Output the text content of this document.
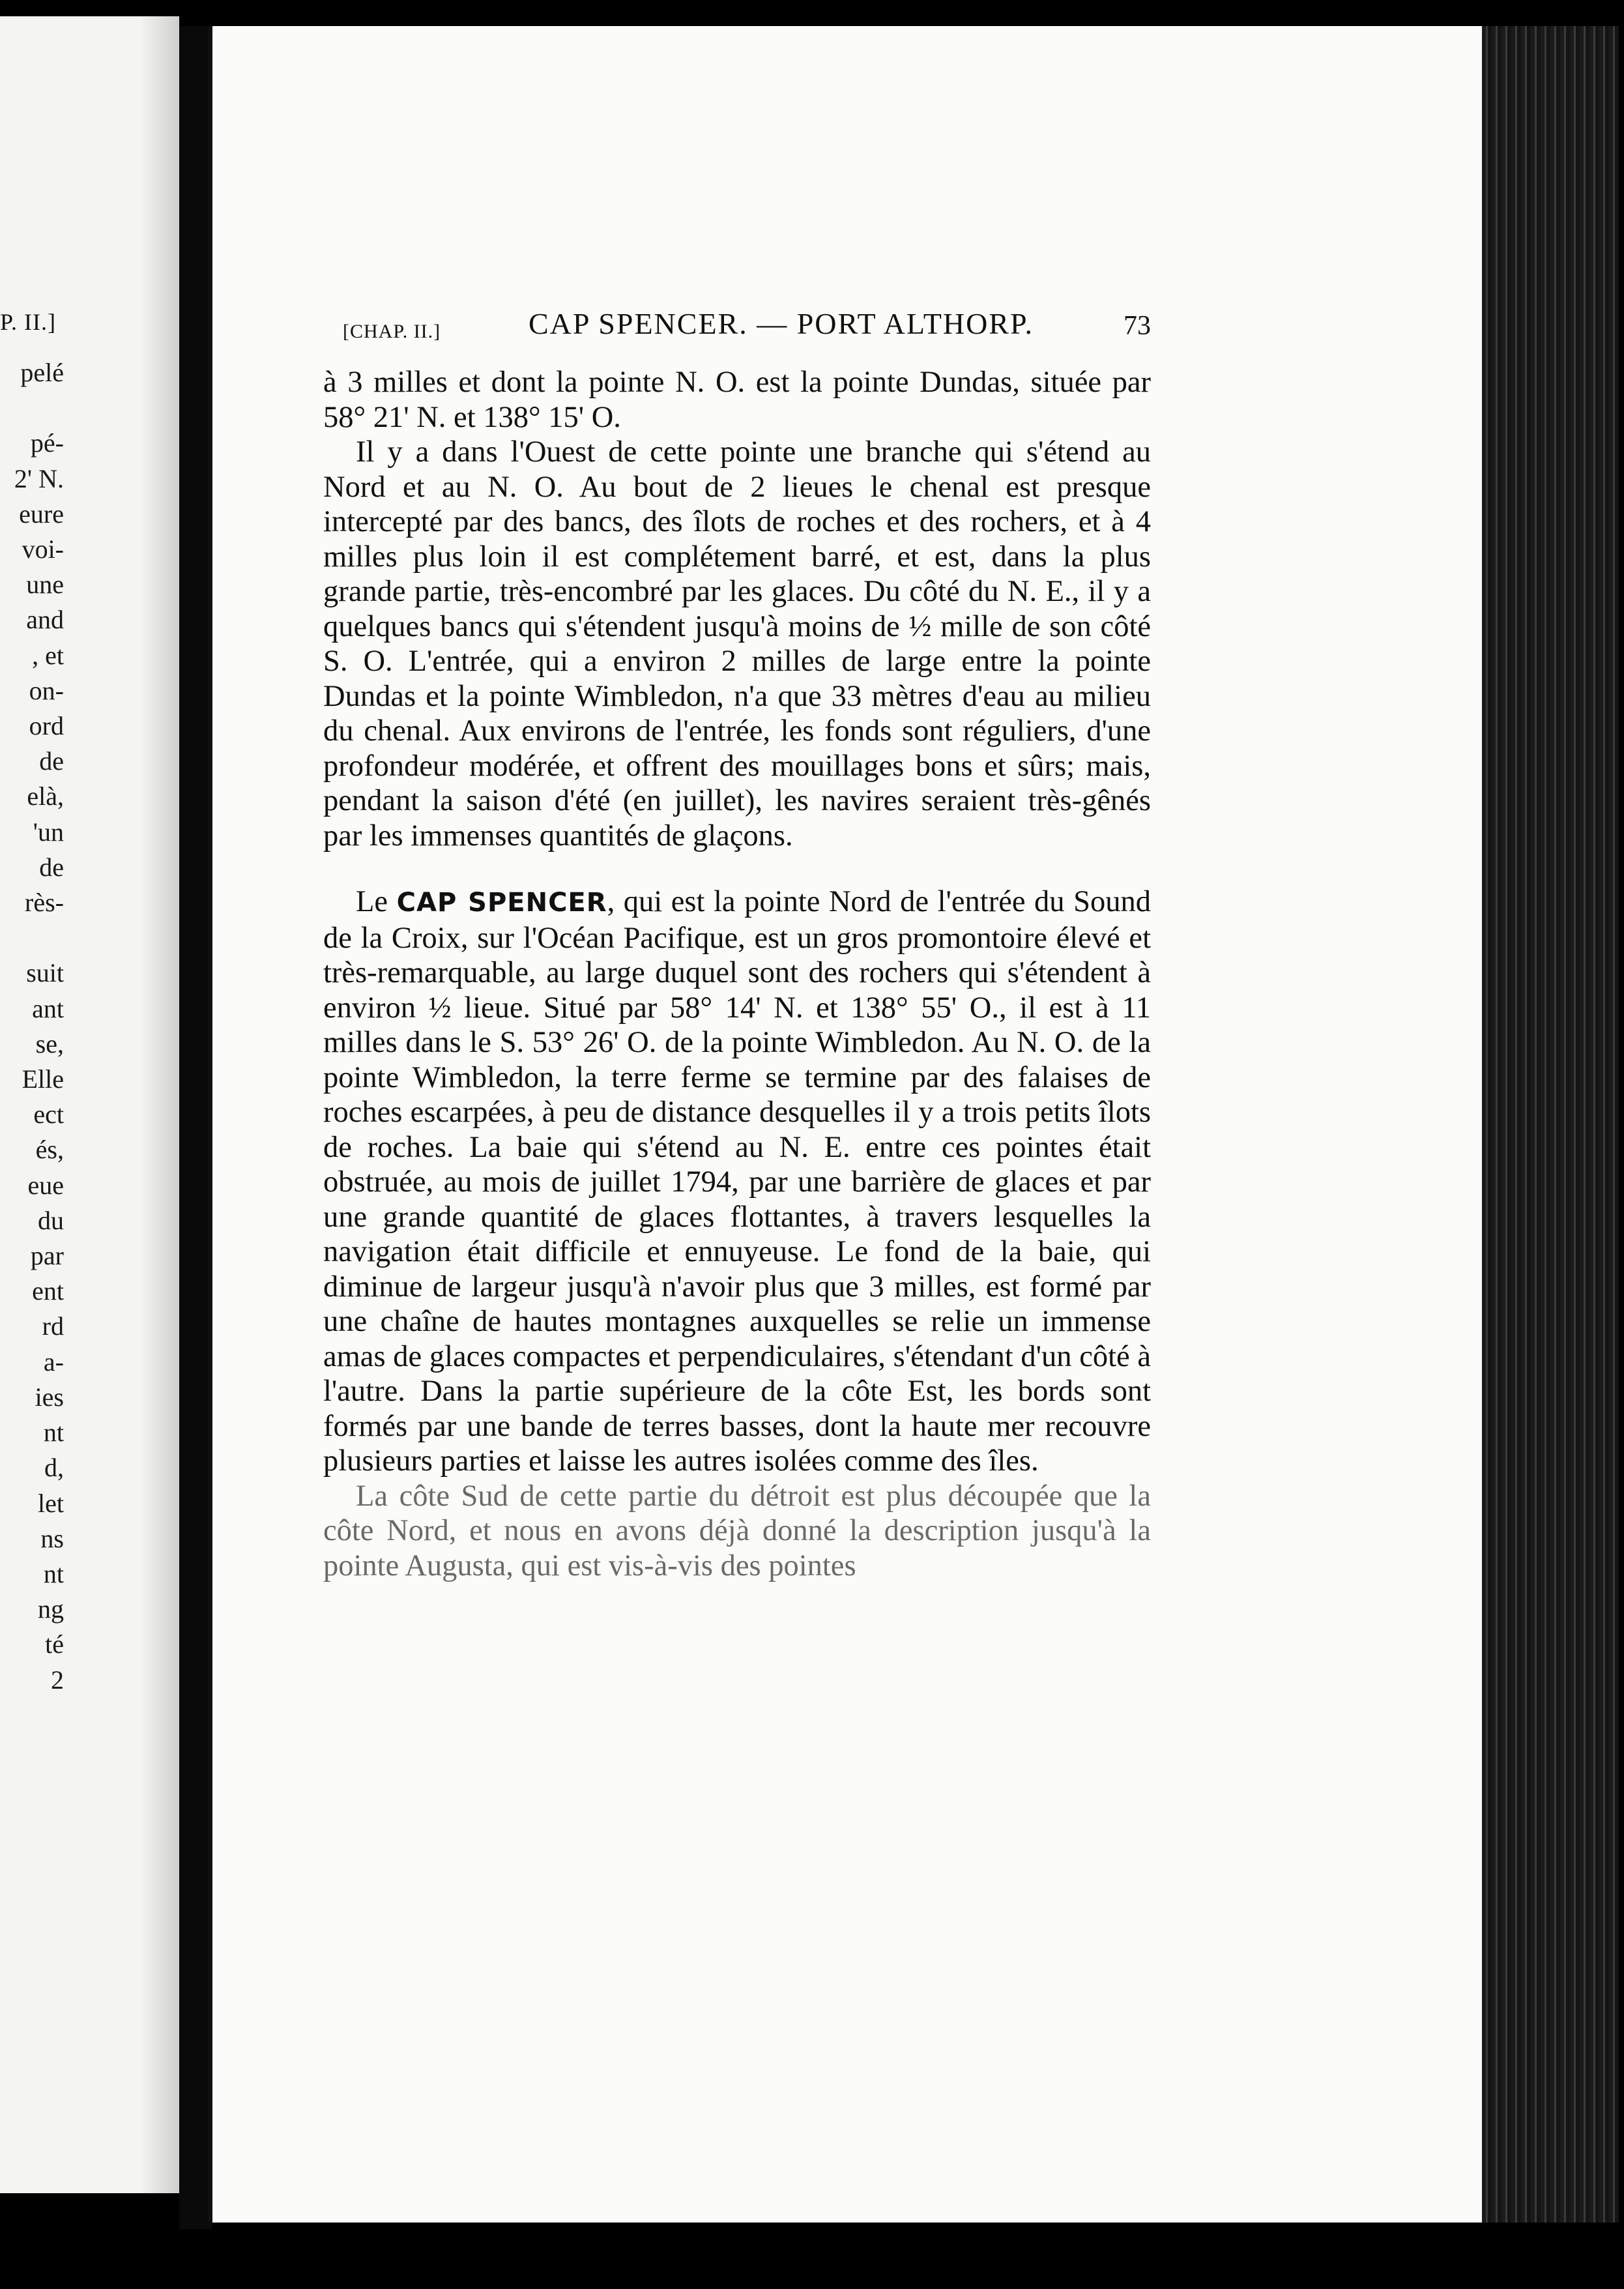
P. II.]
pelé

pé-
2' N.
eure
voi-
une
and
, et
on-
ord
de
elà,
'un
de
rès-

suit
ant
se,
Elle
ect
és,
eue
du
par
ent
rd
a-
ies
nt
d,
let
ns
nt
ng
té
2
[CHAP. II.]	CAP SPENCER. — PORT ALTHORP.	73

à 3 milles et dont la pointe N. O. est la pointe Dundas, située par 58° 21' N. et 138° 15' O.

Il y a dans l'Ouest de cette pointe une branche qui s'étend au Nord et au N. O. Au bout de 2 lieues le chenal est presque intercepté par des bancs, des îlots de roches et des rochers, et à 4 milles plus loin il est complétement barré, et est, dans la plus grande partie, très-encombré par les glaces. Du côté du N. E., il y a quelques bancs qui s'étendent jusqu'à moins de ½ mille de son côté S. O. L'entrée, qui a environ 2 milles de large entre la pointe Dundas et la pointe Wimbledon, n'a que 33 mètres d'eau au milieu du chenal. Aux environs de l'entrée, les fonds sont réguliers, d'une profondeur modérée, et offrent des mouillages bons et sûrs; mais, pendant la saison d'été (en juillet), les navires seraient très-gênés par les immenses quantités de glaçons.

Le CAP SPENCER, qui est la pointe Nord de l'entrée du Sound de la Croix, sur l'Océan Pacifique, est un gros promontoire élevé et très-remarquable, au large duquel sont des rochers qui s'étendent à environ ½ lieue. Situé par 58° 14' N. et 138° 55' O., il est à 11 milles dans le S. 53° 26' O. de la pointe Wimbledon. Au N. O. de la pointe Wimbledon, la terre ferme se termine par des falaises de roches escarpées, à peu de distance desquelles il y a trois petits îlots de roches. La baie qui s'étend au N. E. entre ces pointes était obstruée, au mois de juillet 1794, par une barrière de glaces et par une grande quantité de glaces flottantes, à travers lesquelles la navigation était difficile et ennuyeuse. Le fond de la baie, qui diminue de largeur jusqu'à n'avoir plus que 3 milles, est formé par une chaîne de hautes montagnes auxquelles se relie un immense amas de glaces compactes et perpendiculaires, s'étendant d'un côté à l'autre. Dans la partie supérieure de la côte Est, les bords sont formés par une bande de terres basses, dont la haute mer recouvre plusieurs parties et laisse les autres isolées comme des îles.

La côte Sud de cette partie du détroit est plus découpée que la côte Nord, et nous en avons déjà donné la description jusqu'à la pointe Augusta, qui est vis-à-vis des pointes
